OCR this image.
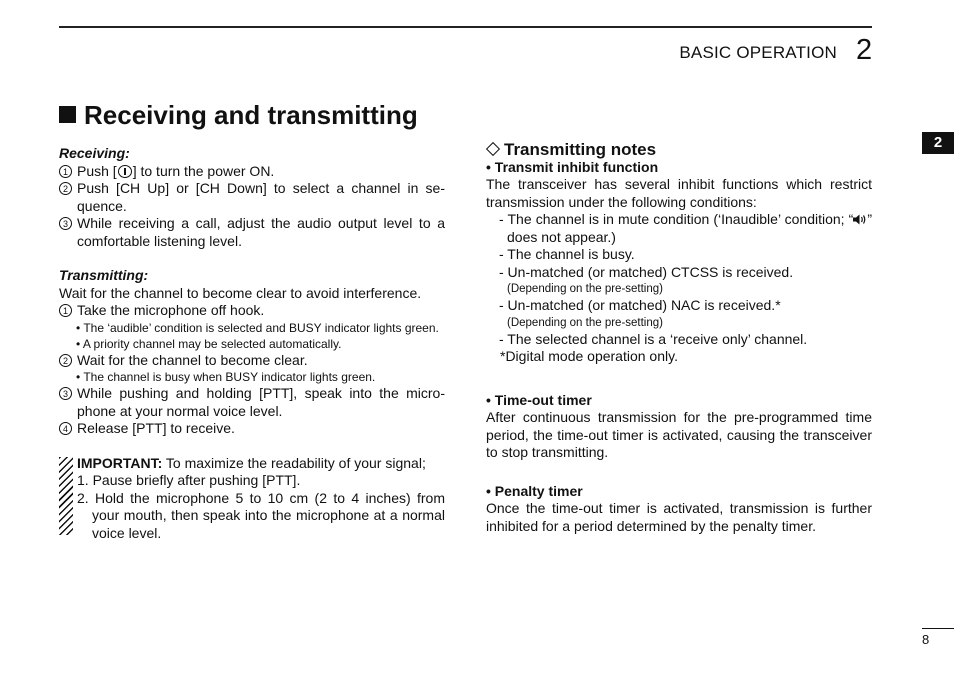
BASIC OPERATION 2
2
Receiving and transmitting

Receiving:

1 Push [ ] to turn the power ON.
2 Push [CH Up] or [CH Down] to select a channel in se-quence.
3 While receiving a call, adjust the audio output level to a comfortable listening level.

Transmitting:

Wait for the channel to become clear to avoid interference.

1 Take the microphone off hook.
• The ‘audible’ condition is selected and BUSY indicator lights green.
• A priority channel may be selected automatically.
2 Wait for the channel to become clear.
• The channel is busy when BUSY indicator lights green.
3 While pushing and holding [PTT], speak into the micro-phone at your normal voice level.
4 Release [PTT] to receive.

IMPORTANT: To maximize the readability of your signal;

1. Pause briefly after pushing [PTT].

2. Hold the microphone 5 to 10 cm (2 to 4 inches) from your mouth, then speak into the microphone at a normal voice level.

Transmitting notes

• Transmit inhibit function

The transceiver has several inhibit functions which restrict transmission under the following conditions:

- The channel is in mute condition (‘Inaudible’ condition; “ ” does not appear.)

- The channel is busy.

- Un-matched (or matched) CTCSS is received.

(Depending on the pre-setting)

- Un-matched (or matched) NAC is received.*

(Depending on the pre-setting)

- The selected channel is a ‘receive only’ channel.

*Digital mode operation only.

• Time-out timer

After continuous transmission for the pre-programmed time period, the time-out timer is activated, causing the transceiver to stop transmitting.

• Penalty timer

Once the time-out timer is activated, transmission is further inhibited for a period determined by the penalty timer.

8
